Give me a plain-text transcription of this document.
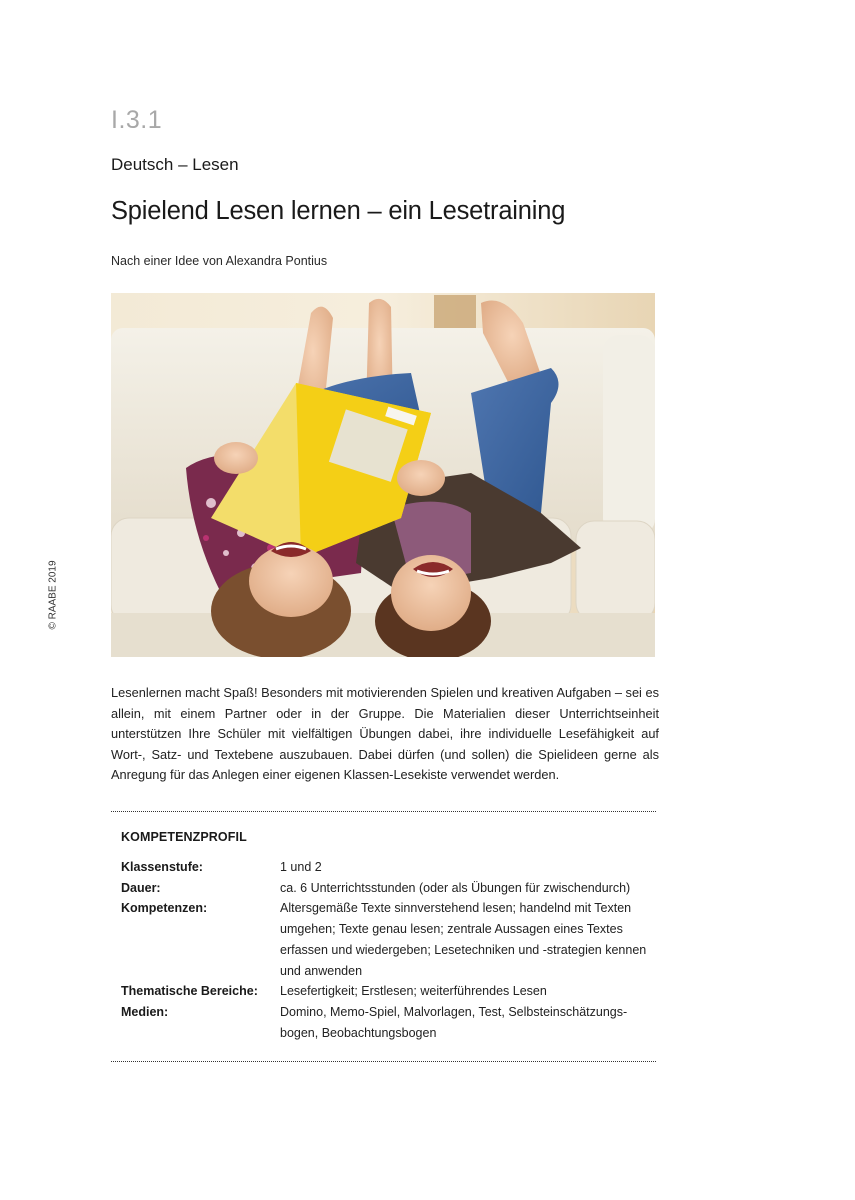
I.3.1
Deutsch – Lesen
Spielend Lesen lernen – ein Lesetraining
Nach einer Idee von Alexandra Pontius
© RAABE 2019
Lesenlernen macht Spaß! Besonders mit motivierenden Spielen und kreativen Aufgaben – sei es allein, mit einem Partner oder in der Gruppe. Die Materialien dieser Unterrichtseinheit unterstützen Ihre Schüler mit vielfältigen Übungen dabei, ihre individuelle Lesefähigkeit auf Wort-, Satz- und Textebene auszubauen. Dabei dürfen (und sollen) die Spielideen gerne als Anregung für das Anlegen einer eigenen Klassen-Lesekiste verwendet werden.
KOMPETENZPROFIL
Klassenstufe:	1 und 2
Dauer:	ca. 6 Unterrichtsstunden (oder als Übungen für zwischendurch)
Kompetenzen:	Altersgemäße Texte sinnverstehend lesen; handelnd mit Texten umgehen; Texte genau lesen; zentrale Aussagen eines Textes erfassen und wiedergeben; Lesetechniken und -strategien kennen und anwenden
Thematische Bereiche:	Lesefertigkeit; Erstlesen; weiterführendes Lesen
Medien:	Domino, Memo-Spiel, Malvorlagen, Test, Selbsteinschätzungsbogen, Beobachtungsbogen
